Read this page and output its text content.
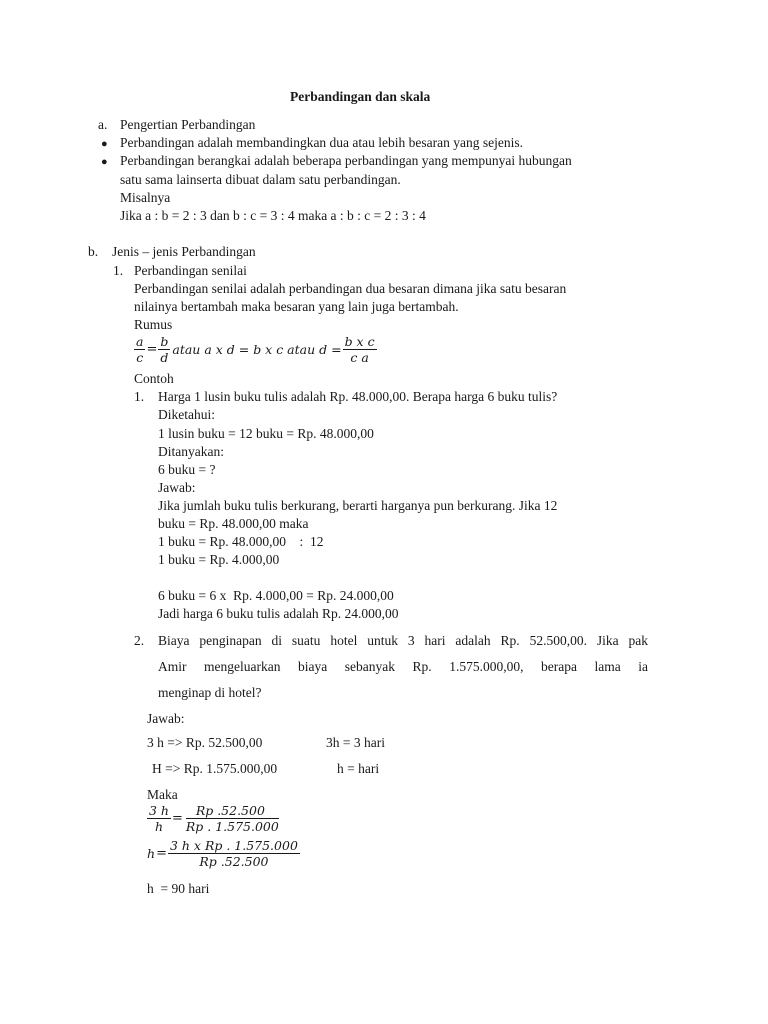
Perbandingan dan skala
a. Pengertian Perbandingan
● Perbandingan adalah membandingkan dua atau lebih besaran yang sejenis.
● Perbandingan berangkai adalah beberapa perbandingan yang mempunyai hubungan
satu sama lainserta dibuat dalam satu perbandingan.
Misalnya
Jika a : b = 2 : 3 dan b : c = 3 : 4 maka a : b : c = 2 : 3 : 4
b. Jenis – jenis Perbandingan
1. Perbandingan senilai
Perbandingan senilai adalah perbandingan dua besaran dimana jika satu besaran
nilainya bertambah maka besaran yang lain juga bertambah.
Rumus
$\frac{a}{c} = \frac{b}{d}$ atau a x d = b x c atau $d = \frac{\text{b x c}}{\text{c a}}$
Contoh
1. Harga 1 lusin buku tulis adalah Rp. 48.000,00. Berapa harga 6 buku tulis?
Diketahui:
1 lusin buku = 12 buku = Rp. 48.000,00
Ditanyakan:
6 buku = ?
Jawab:
Jika jumlah buku tulis berkurang, berarti harganya pun berkurang. Jika 12
buku = Rp. 48.000,00 maka
1 buku = Rp. 48.000,00    :  12
1 buku = Rp. 4.000,00
6 buku = 6 x  Rp. 4.000,00 = Rp. 24.000,00
Jadi harga 6 buku tulis adalah Rp. 24.000,00
2. Biaya penginapan di suatu hotel untuk 3 hari adalah Rp. 52.500,00. Jika pak
Amir mengeluarkan biaya sebanyak Rp. 1.575.000,00, berapa lama ia
menginap di hotel?
Jawab:
3 h => Rp. 52.500,00	3h = 3 hari
H => Rp. 1.575.000,00	h = hari
Maka
$\frac{3 h}{h} = \frac{Rp .52.500}{Rp . 1.575.000}$
$h = \frac{\text{3 h x Rp . 1.575.000}}{Rp .52.500}$
h  = 90 hari
